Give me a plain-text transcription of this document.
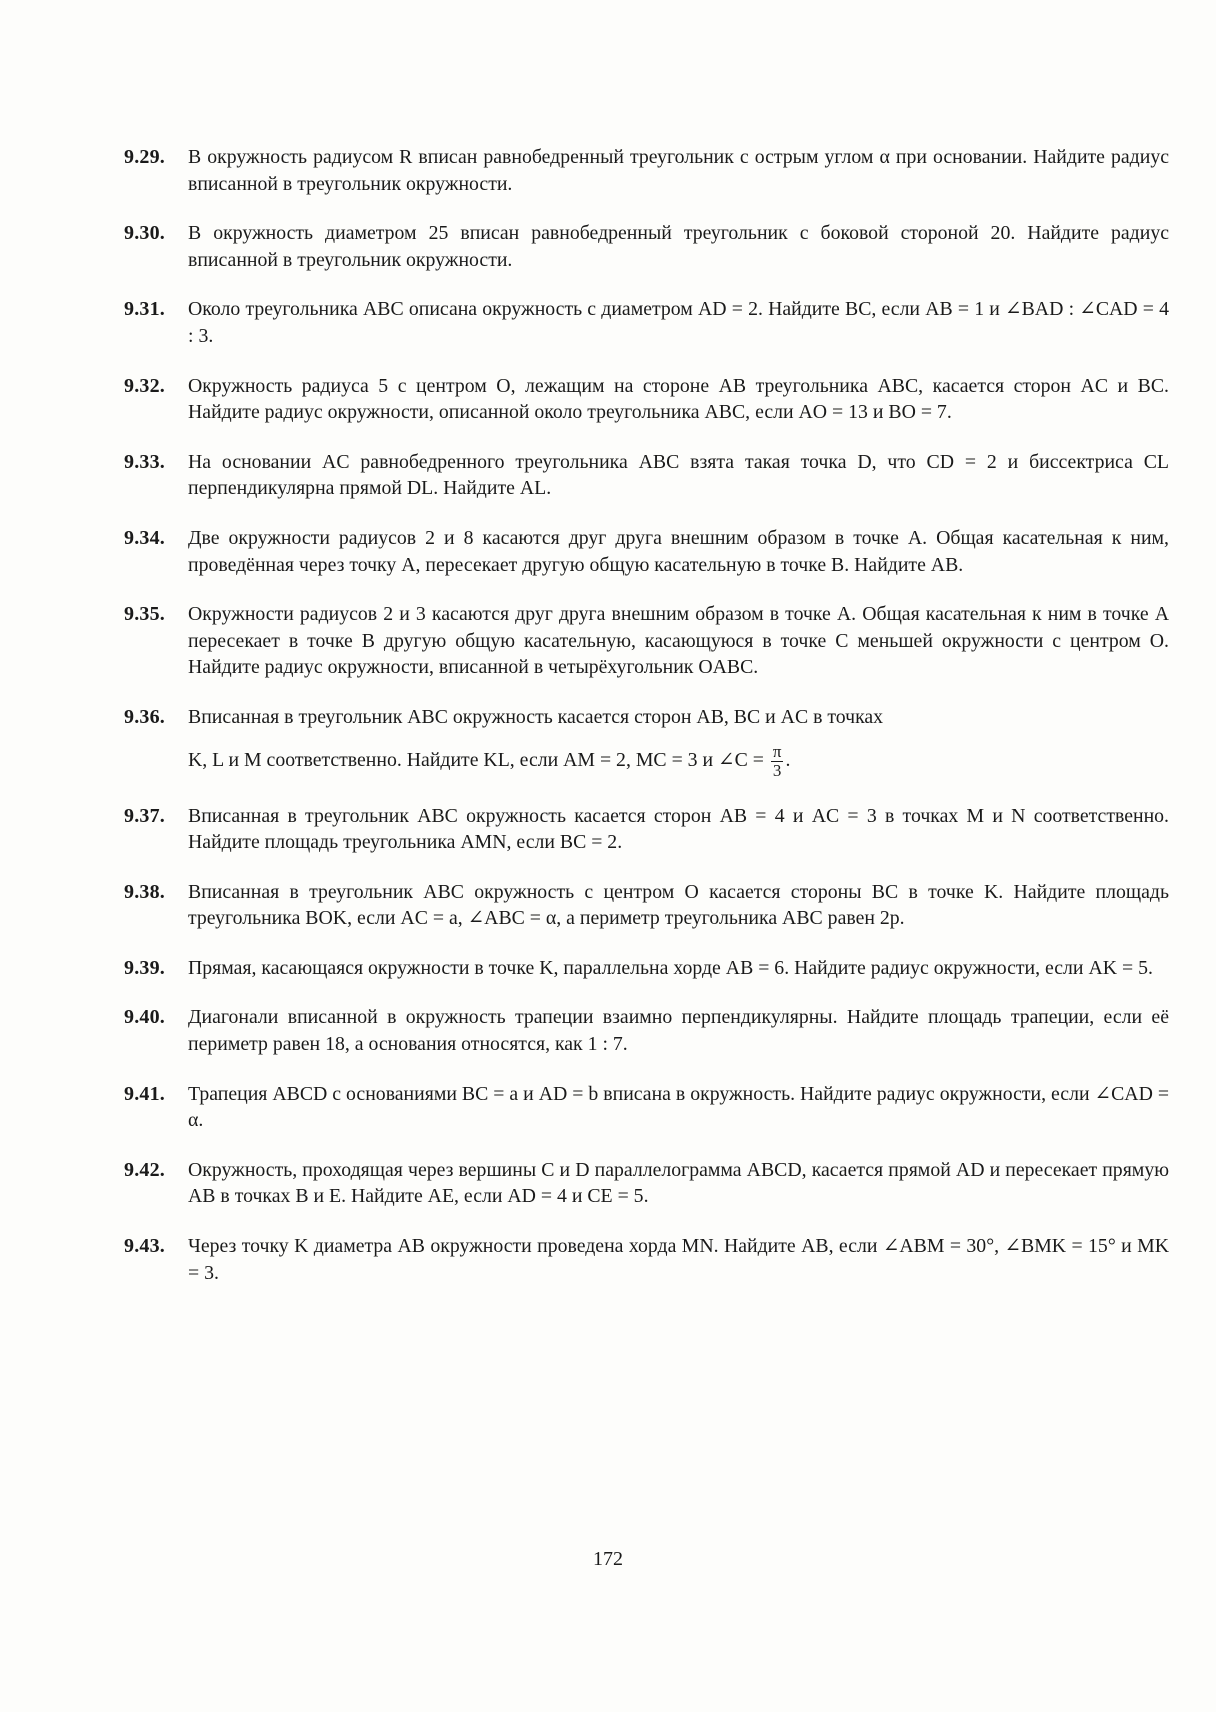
9.29.	В окружность радиусом R вписан равнобедренный треугольник с острым углом α при основании. Найдите радиус вписанной в треугольник окружности.

9.30.	В окружность диаметром 25 вписан равнобедренный треугольник с боковой стороной 20. Найдите радиус вписанной в треугольник окружности.

9.31.	Около треугольника ABC описана окружность с диаметром AD = 2. Найдите BC, если AB = 1 и ∠BAD : ∠CAD = 4 : 3.

9.32.	Окружность радиуса 5 с центром O, лежащим на стороне AB треугольника ABC, касается сторон AC и BC. Найдите радиус окружности, описанной около треугольника ABC, если AO = 13 и BO = 7.

9.33.	На основании AC равнобедренного треугольника ABC взята такая точка D, что CD = 2 и биссектриса CL перпендикулярна прямой DL. Найдите AL.

9.34.	Две окружности радиусов 2 и 8 касаются друг друга внешним образом в точке A. Общая касательная к ним, проведённая через точку A, пересекает другую общую касательную в точке B. Найдите AB.

9.35.	Окружности радиусов 2 и 3 касаются друг друга внешним образом в точке A. Общая касательная к ним в точке A пересекает в точке B другую общую касательную, касающуюся в точке C меньшей окружности с центром O. Найдите радиус окружности, вписанной в четырёхугольник OABC.

9.36.	Вписанная в треугольник ABC окружность касается сторон AB, BC и AC в точках

K, L и M соответственно. Найдите KL, если AM = 2, MC = 3 и ∠C = $\frac{\pi}{3}$ .
9.37.	Вписанная в треугольник ABC окружность касается сторон AB = 4 и AC = 3 в точках M и N соответственно. Найдите площадь треугольника AMN, если BC = 2.

9.38.	Вписанная в треугольник ABC окружность с центром O касается стороны BC в точке K. Найдите площадь треугольника BOK, если AC = a, ∠ABC = α, а периметр треугольника ABC равен 2p.

9.39.	Прямая, касающаяся окружности в точке K, параллельна хорде AB = 6. Найдите радиус окружности, если AK = 5.

9.40.	Диагонали вписанной в окружность трапеции взаимно перпендикулярны. Найдите площадь трапеции, если её периметр равен 18, а основания относятся, как 1 : 7.

9.41.	Трапеция ABCD с основаниями BC = a и AD = b вписана в окружность. Найдите радиус окружности, если ∠CAD = α.

9.42.	Окружность, проходящая через вершины C и D параллелограмма ABCD, касается прямой AD и пересекает прямую AB в точках B и E. Найдите AE, если AD = 4 и CE = 5.

9.43.	Через точку K диаметра AB окружности проведена хорда MN. Найдите AB, если ∠ABM = 30°, ∠BMK = 15° и MK = 3.

172
